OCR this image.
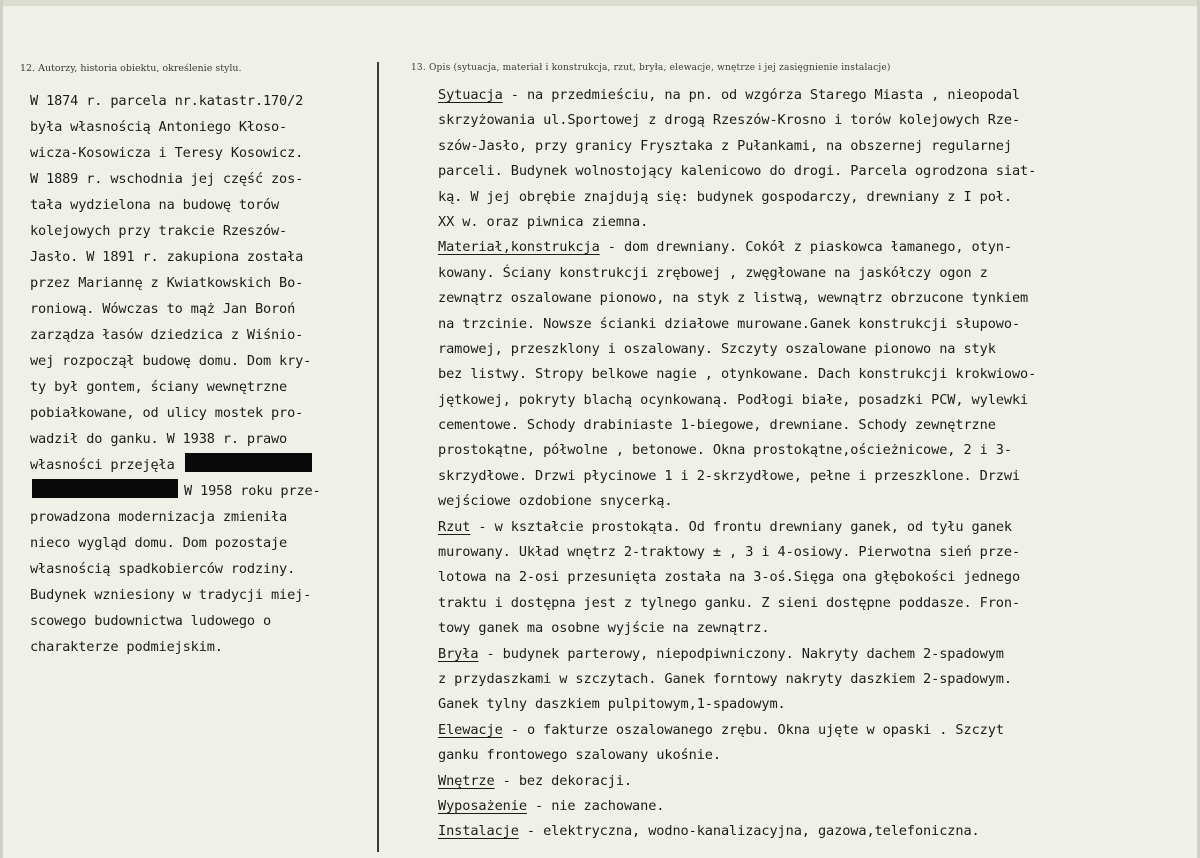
12. Autorzy, historia obiektu, określenie stylu.	13. Opis (sytuacja, materiał i konstrukcja, rzut, bryła, elewacje, wnętrze i jej zasięgnienie instalacje)
W 1874 r. parcela nr.katastr.170/2
była własnością Antoniego Kłoso-
wicza-Kosowicza i Teresy Kosowicz.
W 1889 r. wschodnia jej część zos-
tała wydzielona na budowę torów
kolejowych przy trakcie Rzeszów-
Jasło. W 1891 r. zakupiona została
przez Mariannę z Kwiatkowskich Bo-
roniową. Wówczas to mąż Jan Boroń
zarządza łasów dziedzica z Wiśnio-
wej rozpoczął budowę domu. Dom kry-
ty był gontem, ściany wewnętrzne
pobiałkowane, od ulicy mostek pro-
wadził do ganku. W 1938 r. prawo
własności przejęła
W 1958 roku prze-
prowadzona modernizacja zmieniła
nieco wygląd domu. Dom pozostaje
własnością spadkobierców rodziny.
Budynek wzniesiony w tradycji miej-
scowego budownictwa ludowego o
charakterze podmiejskim.
Sytuacja - na przedmieściu, na pn. od wzgórza Starego Miasta , nieopodal
skrzyżowania ul.Sportowej z drogą Rzeszów-Krosno i torów kolejowych Rze-
szów-Jasło, przy granicy Frysztaka z Pułankami, na obszernej regularnej
parceli. Budynek wolnostojący kalenicowo do drogi. Parcela ogrodzona siat-
ką. W jej obrębie znajdują się: budynek gospodarczy, drewniany z I poł.
XX w. oraz piwnica ziemna.
Materiał,konstrukcja - dom drewniany. Cokół z piaskowca łamanego, otyn-
kowany. Ściany konstrukcji zrębowej , zwęgłowane na jaskółczy ogon z
zewnątrz oszalowane pionowo, na styk z listwą, wewnątrz obrzucone tynkiem
na trzcinie. Nowsze ścianki działowe murowane.Ganek konstrukcji słupowo-
ramowej, przeszklony i oszalowany. Szczyty oszalowane pionowo na styk
bez listwy. Stropy belkowe nagie , otynkowane. Dach konstrukcji krokwiowo-
jętkowej, pokryty blachą ocynkowaną. Podłogi białe, posadzki PCW, wylewki
cementowe. Schody drabiniaste 1-biegowe, drewniane. Schody zewnętrzne
prostokątne, półwolne , betonowe. Okna prostokątne,ościeżnicowe, 2 i 3-
skrzydłowe. Drzwi płycinowe 1 i 2-skrzydłowe, pełne i przeszklone. Drzwi
wejściowe ozdobione snycerką.
Rzut - w kształcie prostokąta. Od frontu drewniany ganek, od tyłu ganek
murowany. Układ wnętrz 2-traktowy ± , 3 i 4-osiowy. Pierwotna sień prze-
lotowa na 2-osi przesunięta została na 3-oś.Sięga ona głębokości jednego
traktu i dostępna jest z tylnego ganku. Z sieni dostępne poddasze. Fron-
towy ganek ma osobne wyjście na zewnątrz.
Bryła - budynek parterowy, niepodpiwniczony. Nakryty dachem 2-spadowym
z przydaszkami w szczytach. Ganek forntowy nakryty daszkiem 2-spadowym.
Ganek tylny daszkiem pulpitowym,1-spadowym.
Elewacje - o fakturze oszalowanego zrębu. Okna ujęte w opaski . Szczyt
ganku frontowego szalowany ukośnie.
Wnętrze - bez dekoracji.
Wyposażenie - nie zachowane.
Instalacje - elektryczna, wodno-kanalizacyjna, gazowa,telefoniczna.
